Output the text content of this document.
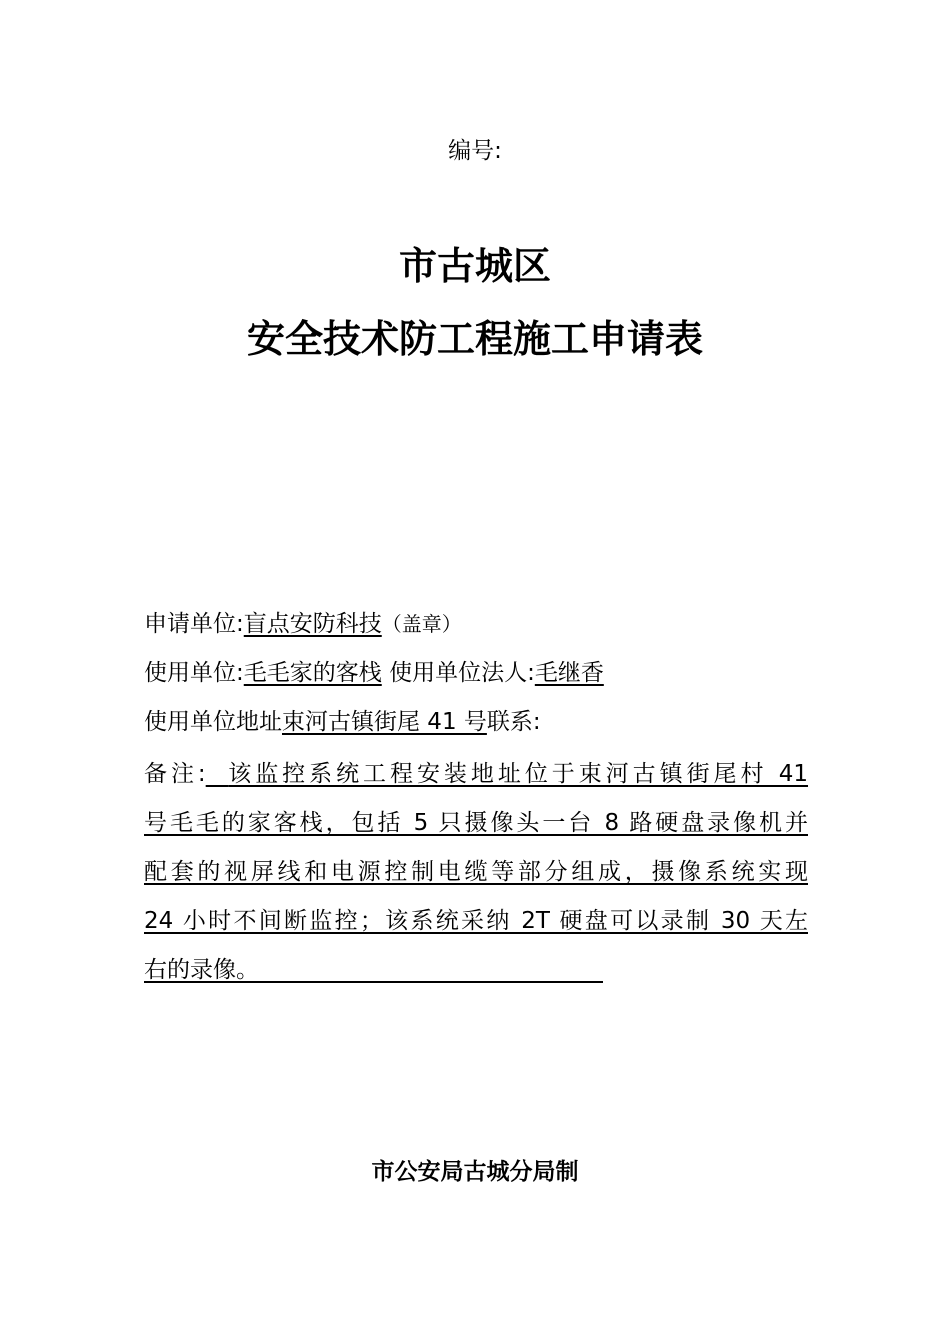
编号:
市古城区
安全技术防工程施工申请表
申请单位:盲点安防科技（盖章）
使用单位:毛毛家的客栈 使用单位法人:毛继香
使用单位地址束河古镇街尾 41 号联系:
备注: 该监控系统工程安装地址位于束河古镇街尾村 41
号毛毛的家客栈，包括 5 只摄像头一台 8 路硬盘录像机并
配套的视屏线和电源控制电缆等部分组成，摄像系统实现
24 小时不间断监控；该系统采纳 2T 硬盘可以录制 30 天左
右的录像。
市公安局古城分局制
